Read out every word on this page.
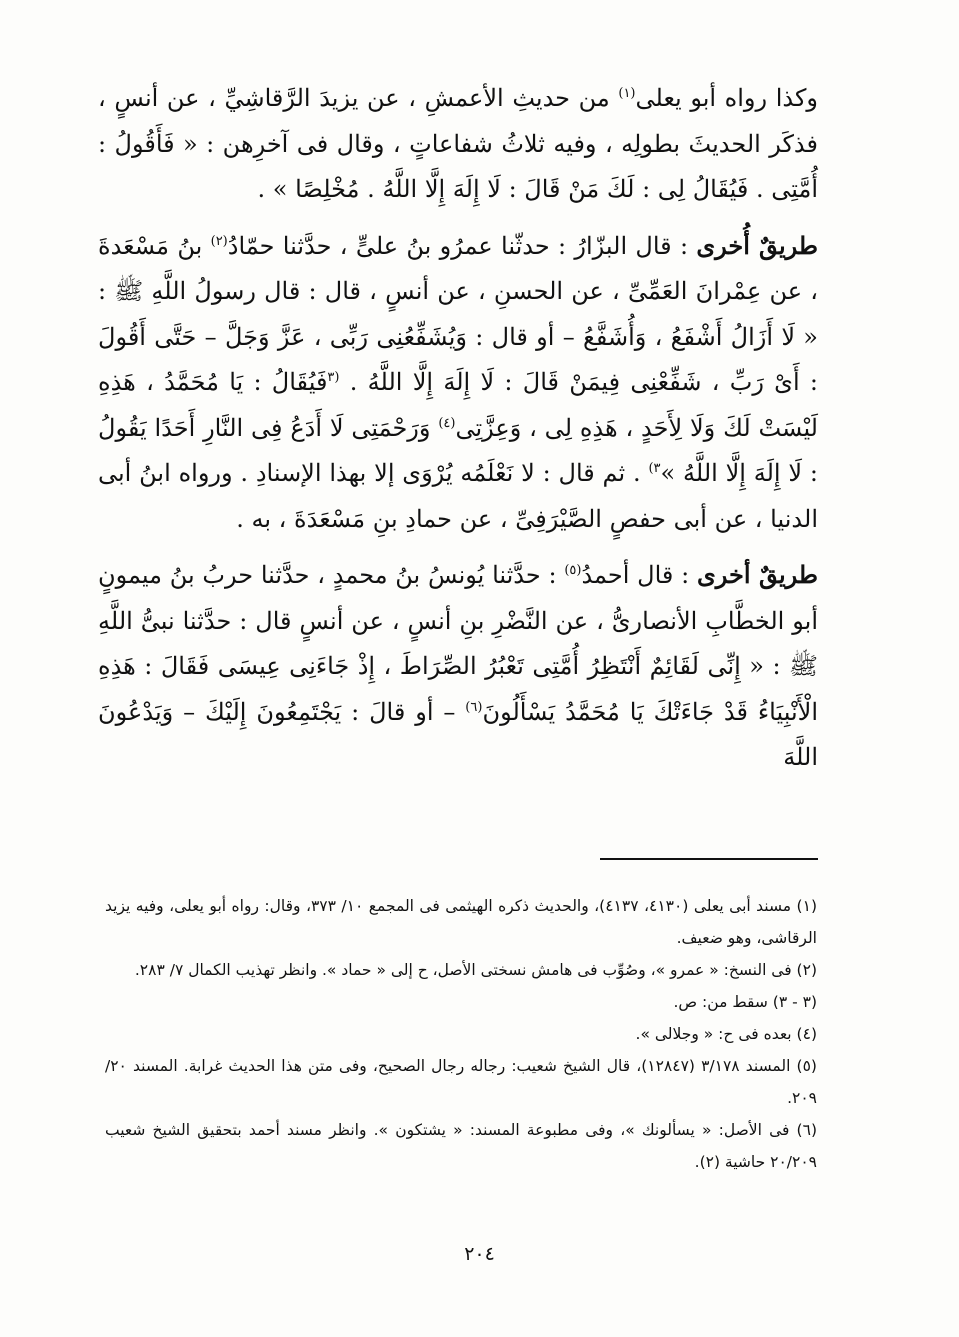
وكذا رواه أبو يعلى$^{(١)}$ من حديثِ الأعمشِ ، عن يزيدَ الرَّقاشِيِّ ، عن أنسٍ ، فذكَر الحديثَ بطولِه ، وفيه ثلاثُ شفاعاتٍ ، وقال فى آخرِهن : « فَأَقُولُ : أُمَّتِى . فَيُقَالُ لِى : لَكَ مَنْ قَالَ : لَا إِلَهَ إِلَّا اللَّهُ . مُخْلِصًا » .

طريقٌ أُخرى : قال البزّارُ : حدثّنا عمرُو بنُ علىٍّ ، حدَّثنا حمّادُ$^{(٢)}$ بنُ مَسْعَدةَ ، عن عِمْرانَ العَمِّىِّ ، عن الحسنِ ، عن أنسٍ ، قال : قال رسولُ اللَّهِ ﷺ : « لَا أَزَالُ أَشْفَعُ ، وَأُشَفَّعُ – أو قال : وَيُشَفِّعُنِى رَبِّى ، عَزَّ وَجَلَّ – حَتَّى أَقُولَ : أَىْ رَبِّ ، شَفِّعْنِى فِيمَنْ قَالَ : لَا إِلَهَ إِلَّا اللَّهُ . $^{(٣}$فَيُقَالُ : يَا مُحَمَّدُ ، هَذِهِ لَيْسَتْ لَكَ وَلَا لِأَحَدٍ ، هَذِهِ لِى ، وَعِزَّتِى$^{(٤)}$ وَرَحْمَتِى لَا أَدَعُ فِى النَّارِ أَحَدًا يَقُولُ : لَا إِلَهَ إِلَّا اللَّهُ »$^{٣)}$ . ثم قال : لا نَعْلَمُه يُرْوَى إلا بهذا الإسنادِ . ورواه ابنُ أبى الدنيا ، عن أبى حفصٍ الصَّيْرَفِىِّ ، عن حمادِ بنِ مَسْعَدَةَ ، به .

طريقٌ أخرى : قال أحمدُ$^{(٥)}$ : حدَّثنا يُونسُ بنُ محمدٍ ، حدَّثنا حربُ بنُ ميمونٍ أبو الخطَّابِ الأنصارىُّ ، عن النَّضْرِ بنِ أنسٍ ، عن أنسٍ قال : حدَّثنا نبىُّ اللَّهِ ﷺ : « إِنِّى لَقَائِمٌ أَنْتَظِرُ أُمَّتِى تَعْبُرُ الصِّرَاطَ ، إِذْ جَاءَنِى عِيسَى فَقَالَ : هَذِهِ الْأَنْبِيَاءُ قَدْ جَاءَتْكَ يَا مُحَمَّدُ يَسْأَلُونَ$^{(٦)}$ – أو قالَ : يَجْتَمِعُونَ إِلَيْكَ – وَيَدْعُونَ اللَّهَ

(١) مسند أبى يعلى (٤١٣٠، ٤١٣٧)، والحديث ذكره الهيثمى فى المجمع ١٠/ ٣٧٣، وقال: رواه أبو يعلى، وفيه يزيد الرقاشى، وهو ضعيف.

(٢) فى النسخ: « عمرو »، وصُوِّب فى هامش نسختى الأصل، ح إلى « حماد ». وانظر تهذيب الكمال ٧/ ٢٨٣.

(٣ - ٣) سقط من: ص.

(٤) بعده فى ح: « وجلالى ».

(٥) المسند ٣/١٧٨ (١٢٨٤٧)، قال الشيخ شعيب: رجاله رجال الصحيح، وفى متن هذا الحديث غرابة. المسند ٢٠/ ٢٠٩.

(٦) فى الأصل: « يسألونك »، وفى مطبوعة المسند: « يشتكون ». وانظر مسند أحمد بتحقيق الشيخ شعيب ٢٠/٢٠٩ حاشية (٢).

٢٠٤
